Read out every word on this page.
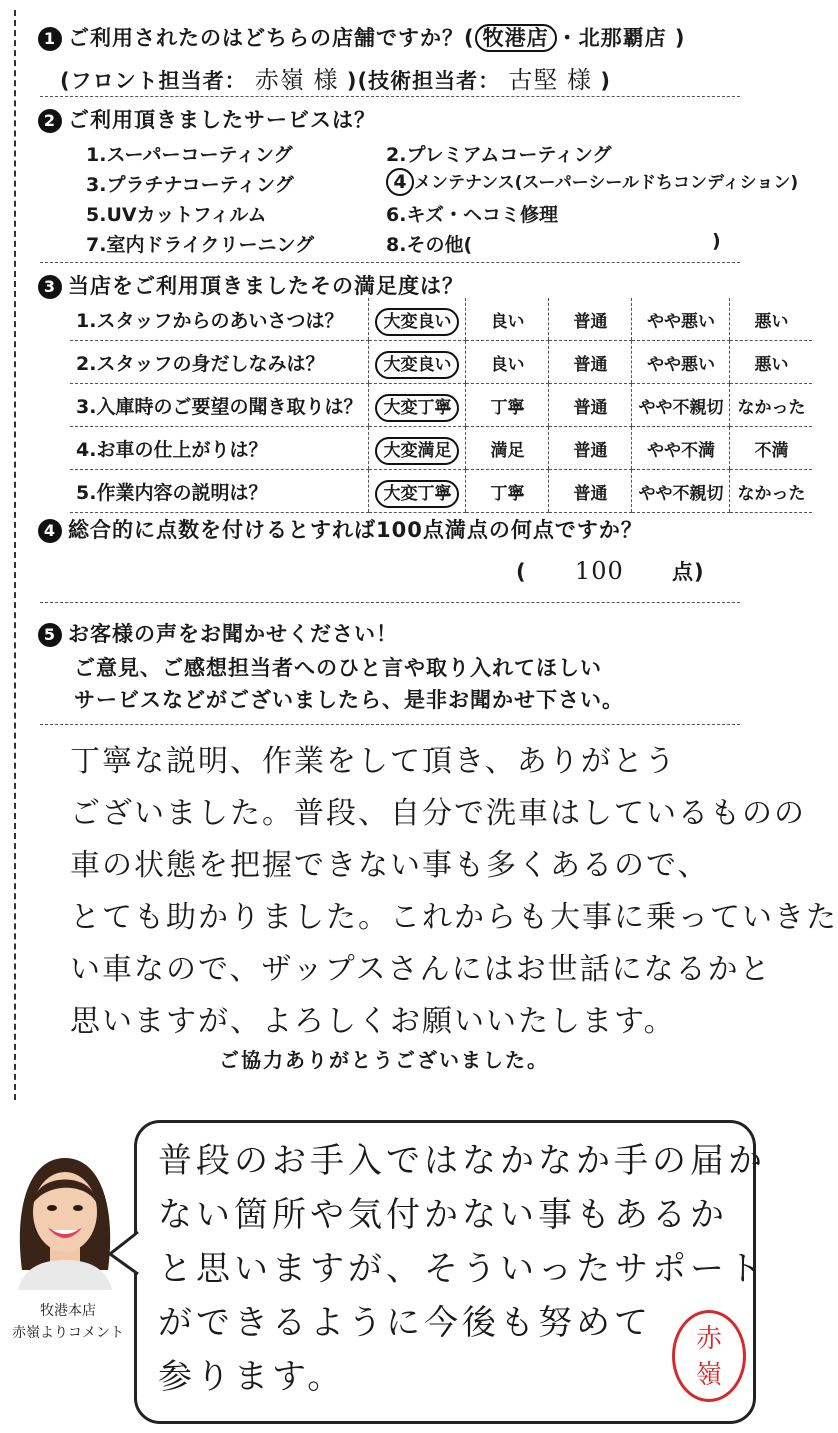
1 ご利用されたのはどちらの店舗ですか？( 牧港店 ・北那覇店 )
(フロント担当者： 赤嶺 様 )(技術担当者： 古堅 様 )
2 ご利用頂きましたサービスは？
1.スーパーコーティング	2.プレミアムコーティング
3.プラチナコーティング	4 メンテナンス(スーパーシールドちコンディション)
5.UVカットフィルム	6.キズ・ヘコミ修理
7.室内ドライクリーニング	8.その他(	)
3 当店をご利用頂きましたその満足度は？
1.スタッフからのあいさつは？	大変良い	良い	普通	やや悪い	悪い
2.スタッフの身だしなみは？	大変良い	良い	普通	やや悪い	悪い
3.入庫時のご要望の聞き取りは？	大変丁寧	丁寧	普通	やや不親切	なかった
4.お車の仕上がりは？	大変満足	満足	普通	やや不満	不満
5.作業内容の説明は？	大変丁寧	丁寧	普通	やや不親切	なかった
4 総合的に点数を付けるとすれば100点満点の何点ですか？
( 100 点)
5 お客様の声をお聞かせください！
ご意見、ご感想担当者へのひと言や取り入れてほしい
サービスなどがございましたら、是非お聞かせ下さい。
丁寧な説明、作業をして頂き、ありがとう
ございました。普段、自分で洗車はしているものの
車の状態を把握できない事も多くあるので、
とても助かりました。これからも大事に乗っていきた
い車なので、ザップスさんにはお世話になるかと
思いますが、よろしくお願いいたします。
ご協力ありがとうございました。
牧港本店
赤嶺よりコメント
普段のお手入ではなかなか手の届か
ない箇所や気付かない事もあるか
と思いますが、そういったサポート
ができるように今後も努めて
参ります。
赤
嶺
